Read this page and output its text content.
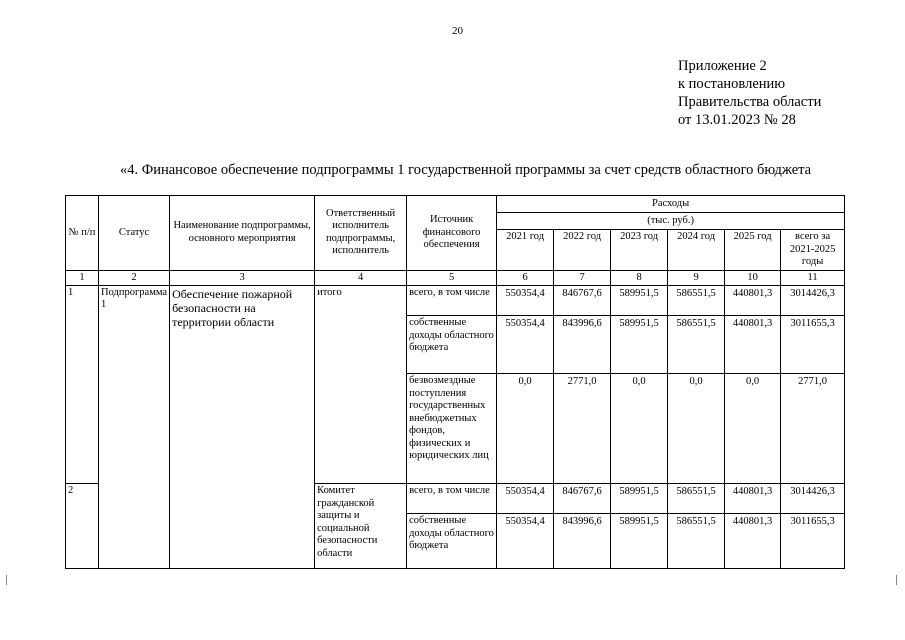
20
Приложение 2
к постановлению
Правительства области
от 13.01.2023 № 28
«4. Финансовое обеспечение подпрограммы 1 государственной программы за счет средств областного бюджета
№ п/п	Статус	Наименование подпрограммы, основного мероприятия	Ответственный исполнитель подпрограммы, исполнитель	Источник финансового обеспечения	Расходы					
					(тыс. руб.)					
					2021 год	2022 год	2023 год	2024 год	2025 год	всего за 2021-2025 годы
1	2	3	4	5	6	7	8	9	10	11
1	Подпрограмма 1	Обеспечение пожарной безопасности на территории области	итого	всего, в том числе	550354,4	846767,6	589951,5	586551,5	440801,3	3014426,3
				собственные доходы областного бюджета	550354,4	843996,6	589951,5	586551,5	440801,3	3011655,3
				безвозмездные поступления государственных внебюджетных фондов, физических и юридических лиц	0,0	2771,0	0,0	0,0	0,0	2771,0
2			Комитет гражданской защиты и социальной безопасности области	всего, в том числе	550354,4	846767,6	589951,5	586551,5	440801,3	3014426,3
				собственные доходы областного бюджета	550354,4	843996,6	589951,5	586551,5	440801,3	3011655,3
